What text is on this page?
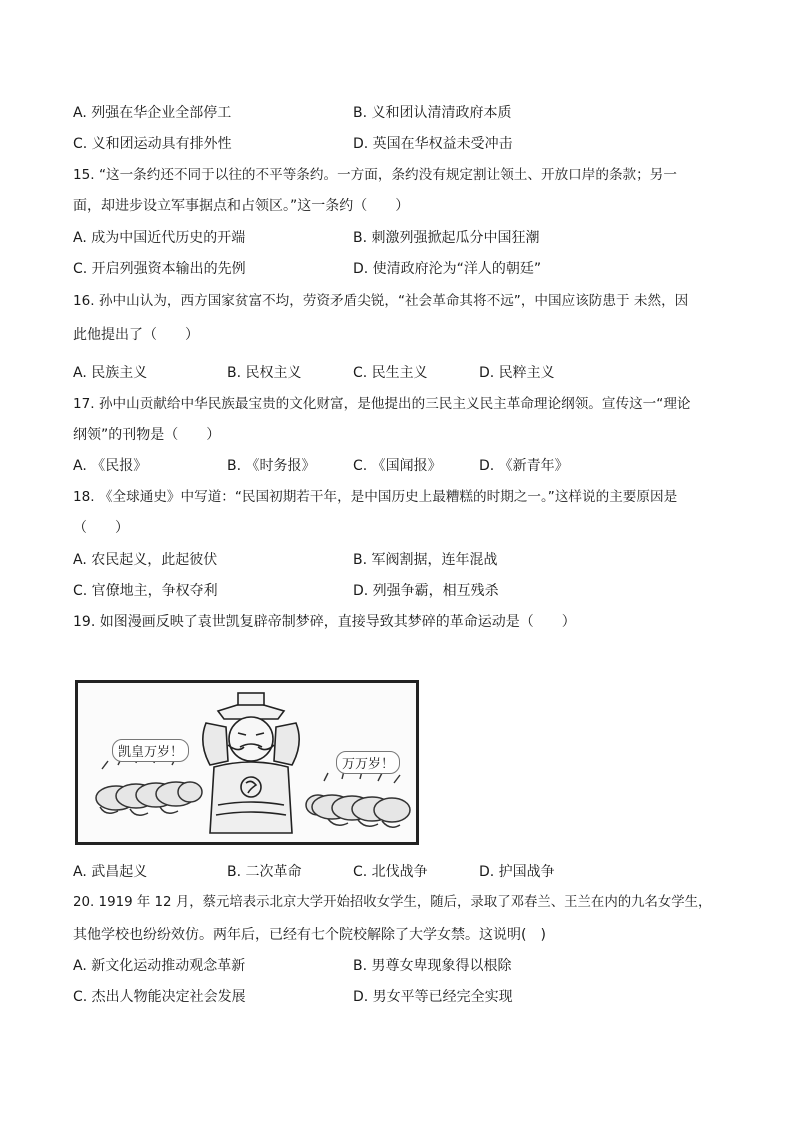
A. 列强在华企业全部停工	B. 义和团认清清政府本质
C. 义和团运动具有排外性	D. 英国在华权益未受冲击
15. “这一条约还不同于以往的不平等条约。一方面，条约没有规定割让领土、开放口岸的条款；另一
面，却进步设立军事据点和占领区。”这一条约（　　）
A. 成为中国近代历史的开端	B. 刺激列强掀起瓜分中国狂潮
C. 开启列强资本输出的先例	D. 使清政府沦为“洋人的朝廷”
16. 孙中山认为，西方国家贫富不均，劳资矛盾尖锐，“社会革命其将不远”，中国应该防患于 未然，因
此他提出了（　　）
A. 民族主义	B. 民权主义	C. 民生主义	D. 民粹主义
17. 孙中山贡献给中华民族最宝贵的文化财富，是他提出的三民主义民主革命理论纲领。宣传这一“理论
纲领”的刊物是（　　）
A. 《民报》	B. 《时务报》	C. 《国闻报》	D. 《新青年》
18. 《全球通史》中写道：“民国初期若干年，是中国历史上最糟糕的时期之一。”这样说的主要原因是
（　　）
A. 农民起义，此起彼伏	B. 军阀割据，连年混战
C. 官僚地主，争权夺利	D. 列强争霸，相互残杀
19. 如图漫画反映了袁世凯复辟帝制梦碎，直接导致其梦碎的革命运动是（　　）
凯皇万岁！
万万岁！
A. 武昌起义	B. 二次革命	C. 北伐战争	D. 护国战争
20. 1919 年 12 月，蔡元培表示北京大学开始招收女学生，随后，录取了邓春兰、王兰在内的九名女学生，
其他学校也纷纷效仿。两年后，已经有七个院校解除了大学女禁。这说明(　)
A. 新文化运动推动观念革新	B. 男尊女卑现象得以根除
C. 杰出人物能决定社会发展	D. 男女平等已经完全实现
